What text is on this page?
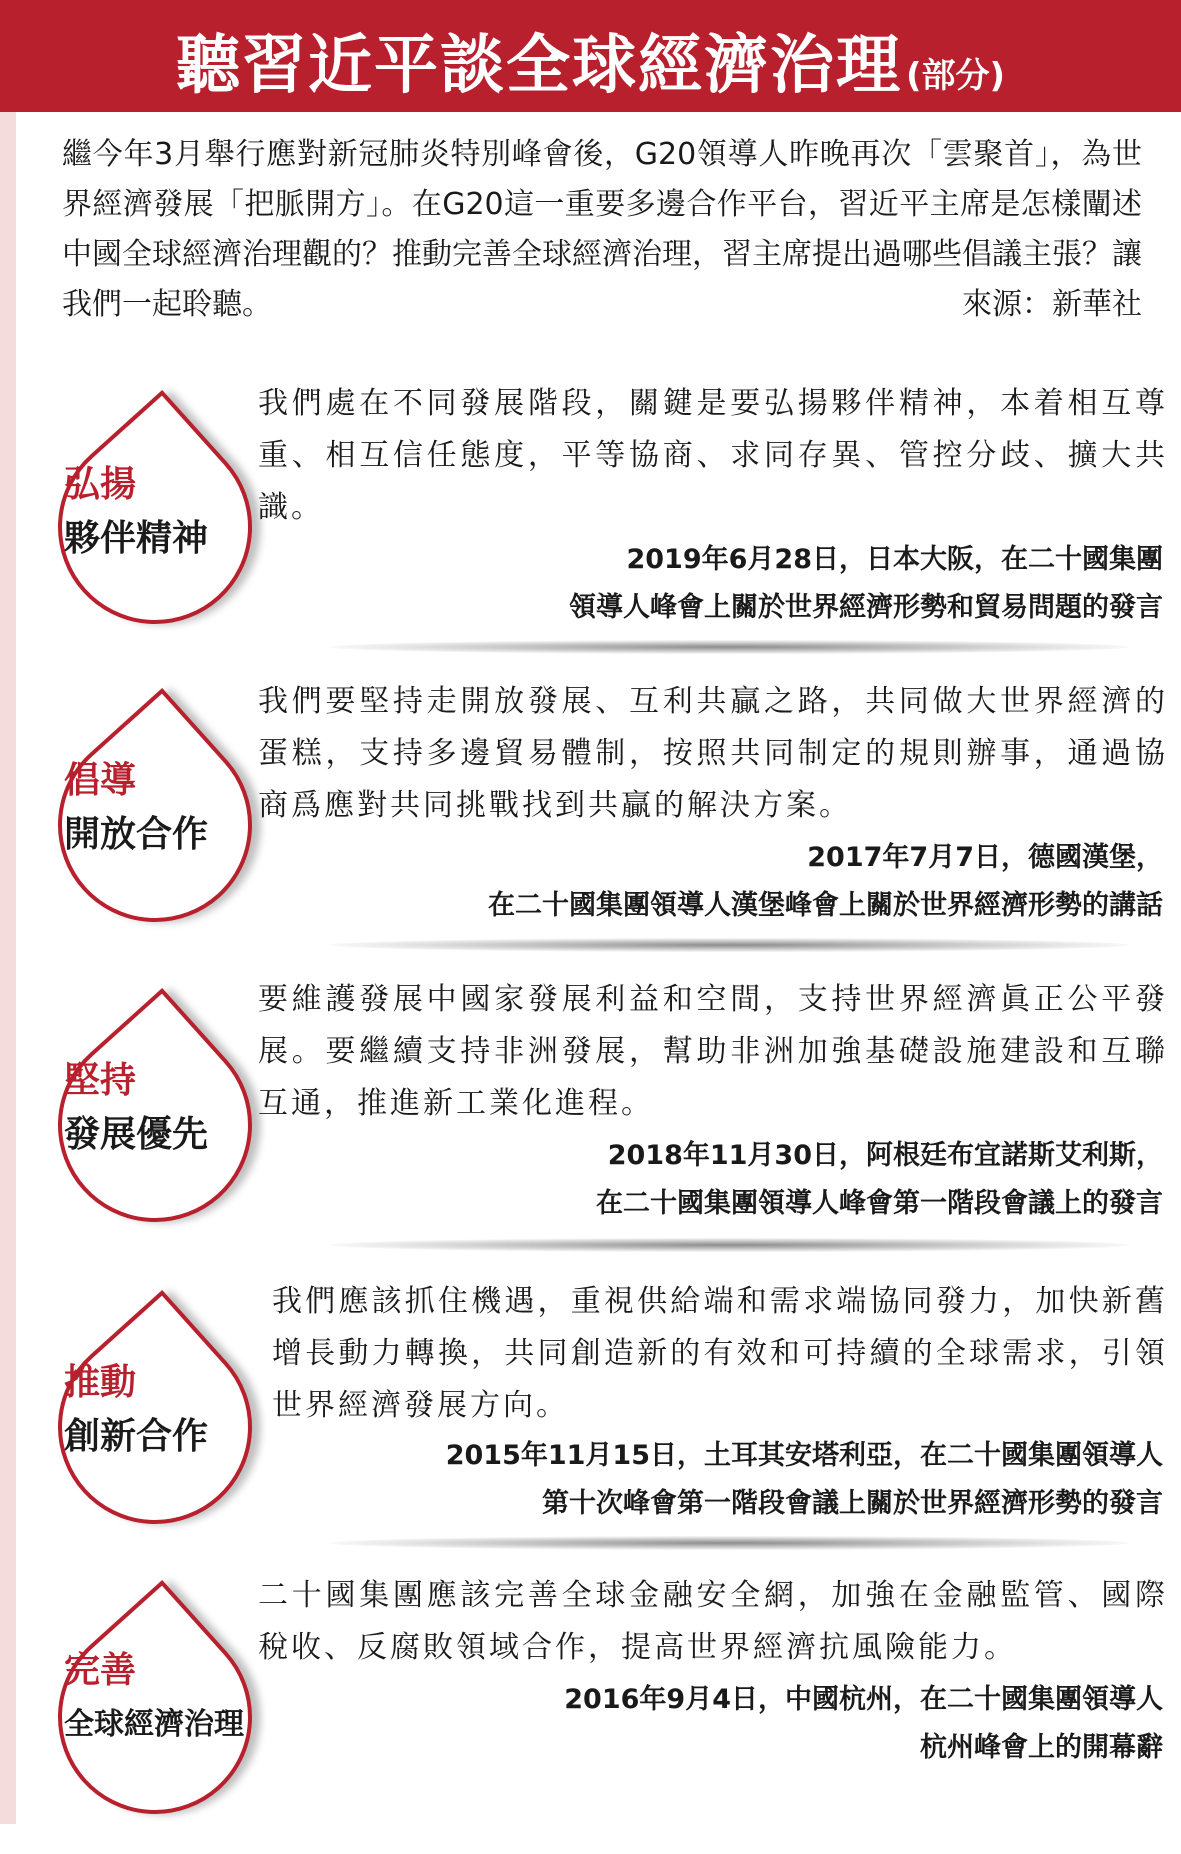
聽習近平談全球經濟治理 (部分)
繼今年3月舉行應對新冠肺炎特別峰會後，G20領導人昨晚再次「雲聚首」，為世界經濟發展「把脈開方」。在G20這一重要多邊合作平台，習近平主席是怎樣闡述中國全球經濟治理觀的？推動完善全球經濟治理，習主席提出過哪些倡議主張？讓我們一起聆聽。	來源：新華社
弘揚
夥伴精神
我們處在不同發展階段，關鍵是要弘揚夥伴精神，本着相互尊重、相互信任態度，平等協商、求同存異、管控分歧、擴大共識。
2019年6月28日，日本大阪，在二十國集團
領導人峰會上關於世界經濟形勢和貿易問題的發言
倡導
開放合作
我們要堅持走開放發展、互利共贏之路，共同做大世界經濟的蛋糕，支持多邊貿易體制，按照共同制定的規則辦事，通過協商爲應對共同挑戰找到共贏的解決方案。
2017年7月7日，德國漢堡，
在二十國集團領導人漢堡峰會上關於世界經濟形勢的講話
堅持
發展優先
要維護發展中國家發展利益和空間，支持世界經濟眞正公平發展。要繼續支持非洲發展，幫助非洲加強基礎設施建設和互聯互通，推進新工業化進程。
2018年11月30日，阿根廷布宜諾斯艾利斯，
在二十國集團領導人峰會第一階段會議上的發言
推動
創新合作
我們應該抓住機遇，重視供給端和需求端協同發力，加快新舊增長動力轉換，共同創造新的有效和可持續的全球需求，引領世界經濟發展方向。
2015年11月15日，土耳其安塔利亞，在二十國集團領導人
第十次峰會第一階段會議上關於世界經濟形勢的發言
完善
全球經濟治理
二十國集團應該完善全球金融安全網，加強在金融監管、國際稅收、反腐敗領域合作，提高世界經濟抗風險能力。
2016年9月4日，中國杭州，在二十國集團領導人
杭州峰會上的開幕辭
